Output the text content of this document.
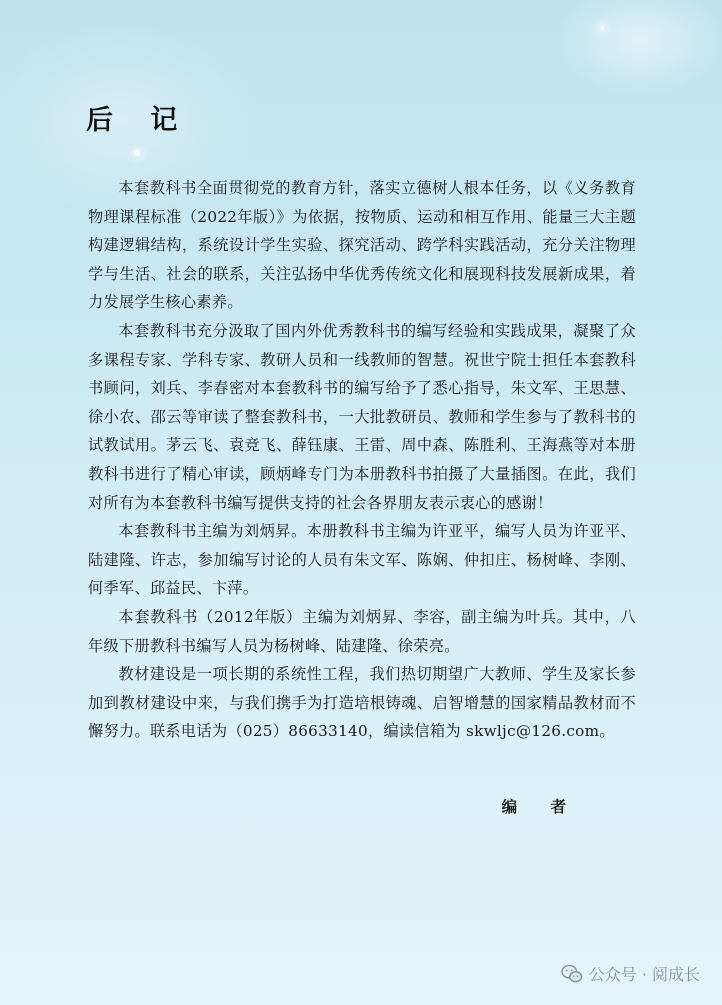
后 记

本套教科书全面贯彻党的教育方针，落实立德树人根本任务，以《义务教育物理课程标准（2022年版）》为依据，按物质、运动和相互作用、能量三大主题构建逻辑结构，系统设计学生实验、探究活动、跨学科实践活动，充分关注物理学与生活、社会的联系，关注弘扬中华优秀传统文化和展现科技发展新成果，着力发展学生核心素养。

本套教科书充分汲取了国内外优秀教科书的编写经验和实践成果，凝聚了众多课程专家、学科专家、教研人员和一线教师的智慧。祝世宁院士担任本套教科书顾问，刘兵、李春密对本套教科书的编写给予了悉心指导，朱文军、王思慧、徐小农、邵云等审读了整套教科书，一大批教研员、教师和学生参与了教科书的试教试用。茅云飞、袁竞飞、薛钰康、王雷、周中森、陈胜利、王海燕等对本册教科书进行了精心审读，顾炳峰专门为本册教科书拍摄了大量插图。在此，我们对所有为本套教科书编写提供支持的社会各界朋友表示衷心的感谢！

本套教科书主编为刘炳昇。本册教科书主编为许亚平，编写人员为许亚平、陆建隆、许志，参加编写讨论的人员有朱文军、陈娴、仲扣庄、杨树峰、李刚、何季军、邱益民、卞萍。

本套教科书（2012年版）主编为刘炳昇、李容，副主编为叶兵。其中，八年级下册教科书编写人员为杨树峰、陆建隆、徐荣亮。

教材建设是一项长期的系统性工程，我们热切期望广大教师、学生及家长参加到教材建设中来，与我们携手为打造培根铸魂、启智增慧的国家精品教材而不懈努力。联系电话为（025）86633140，编读信箱为 skwljc@126.com。

编 者

公众号 · 阅成长
